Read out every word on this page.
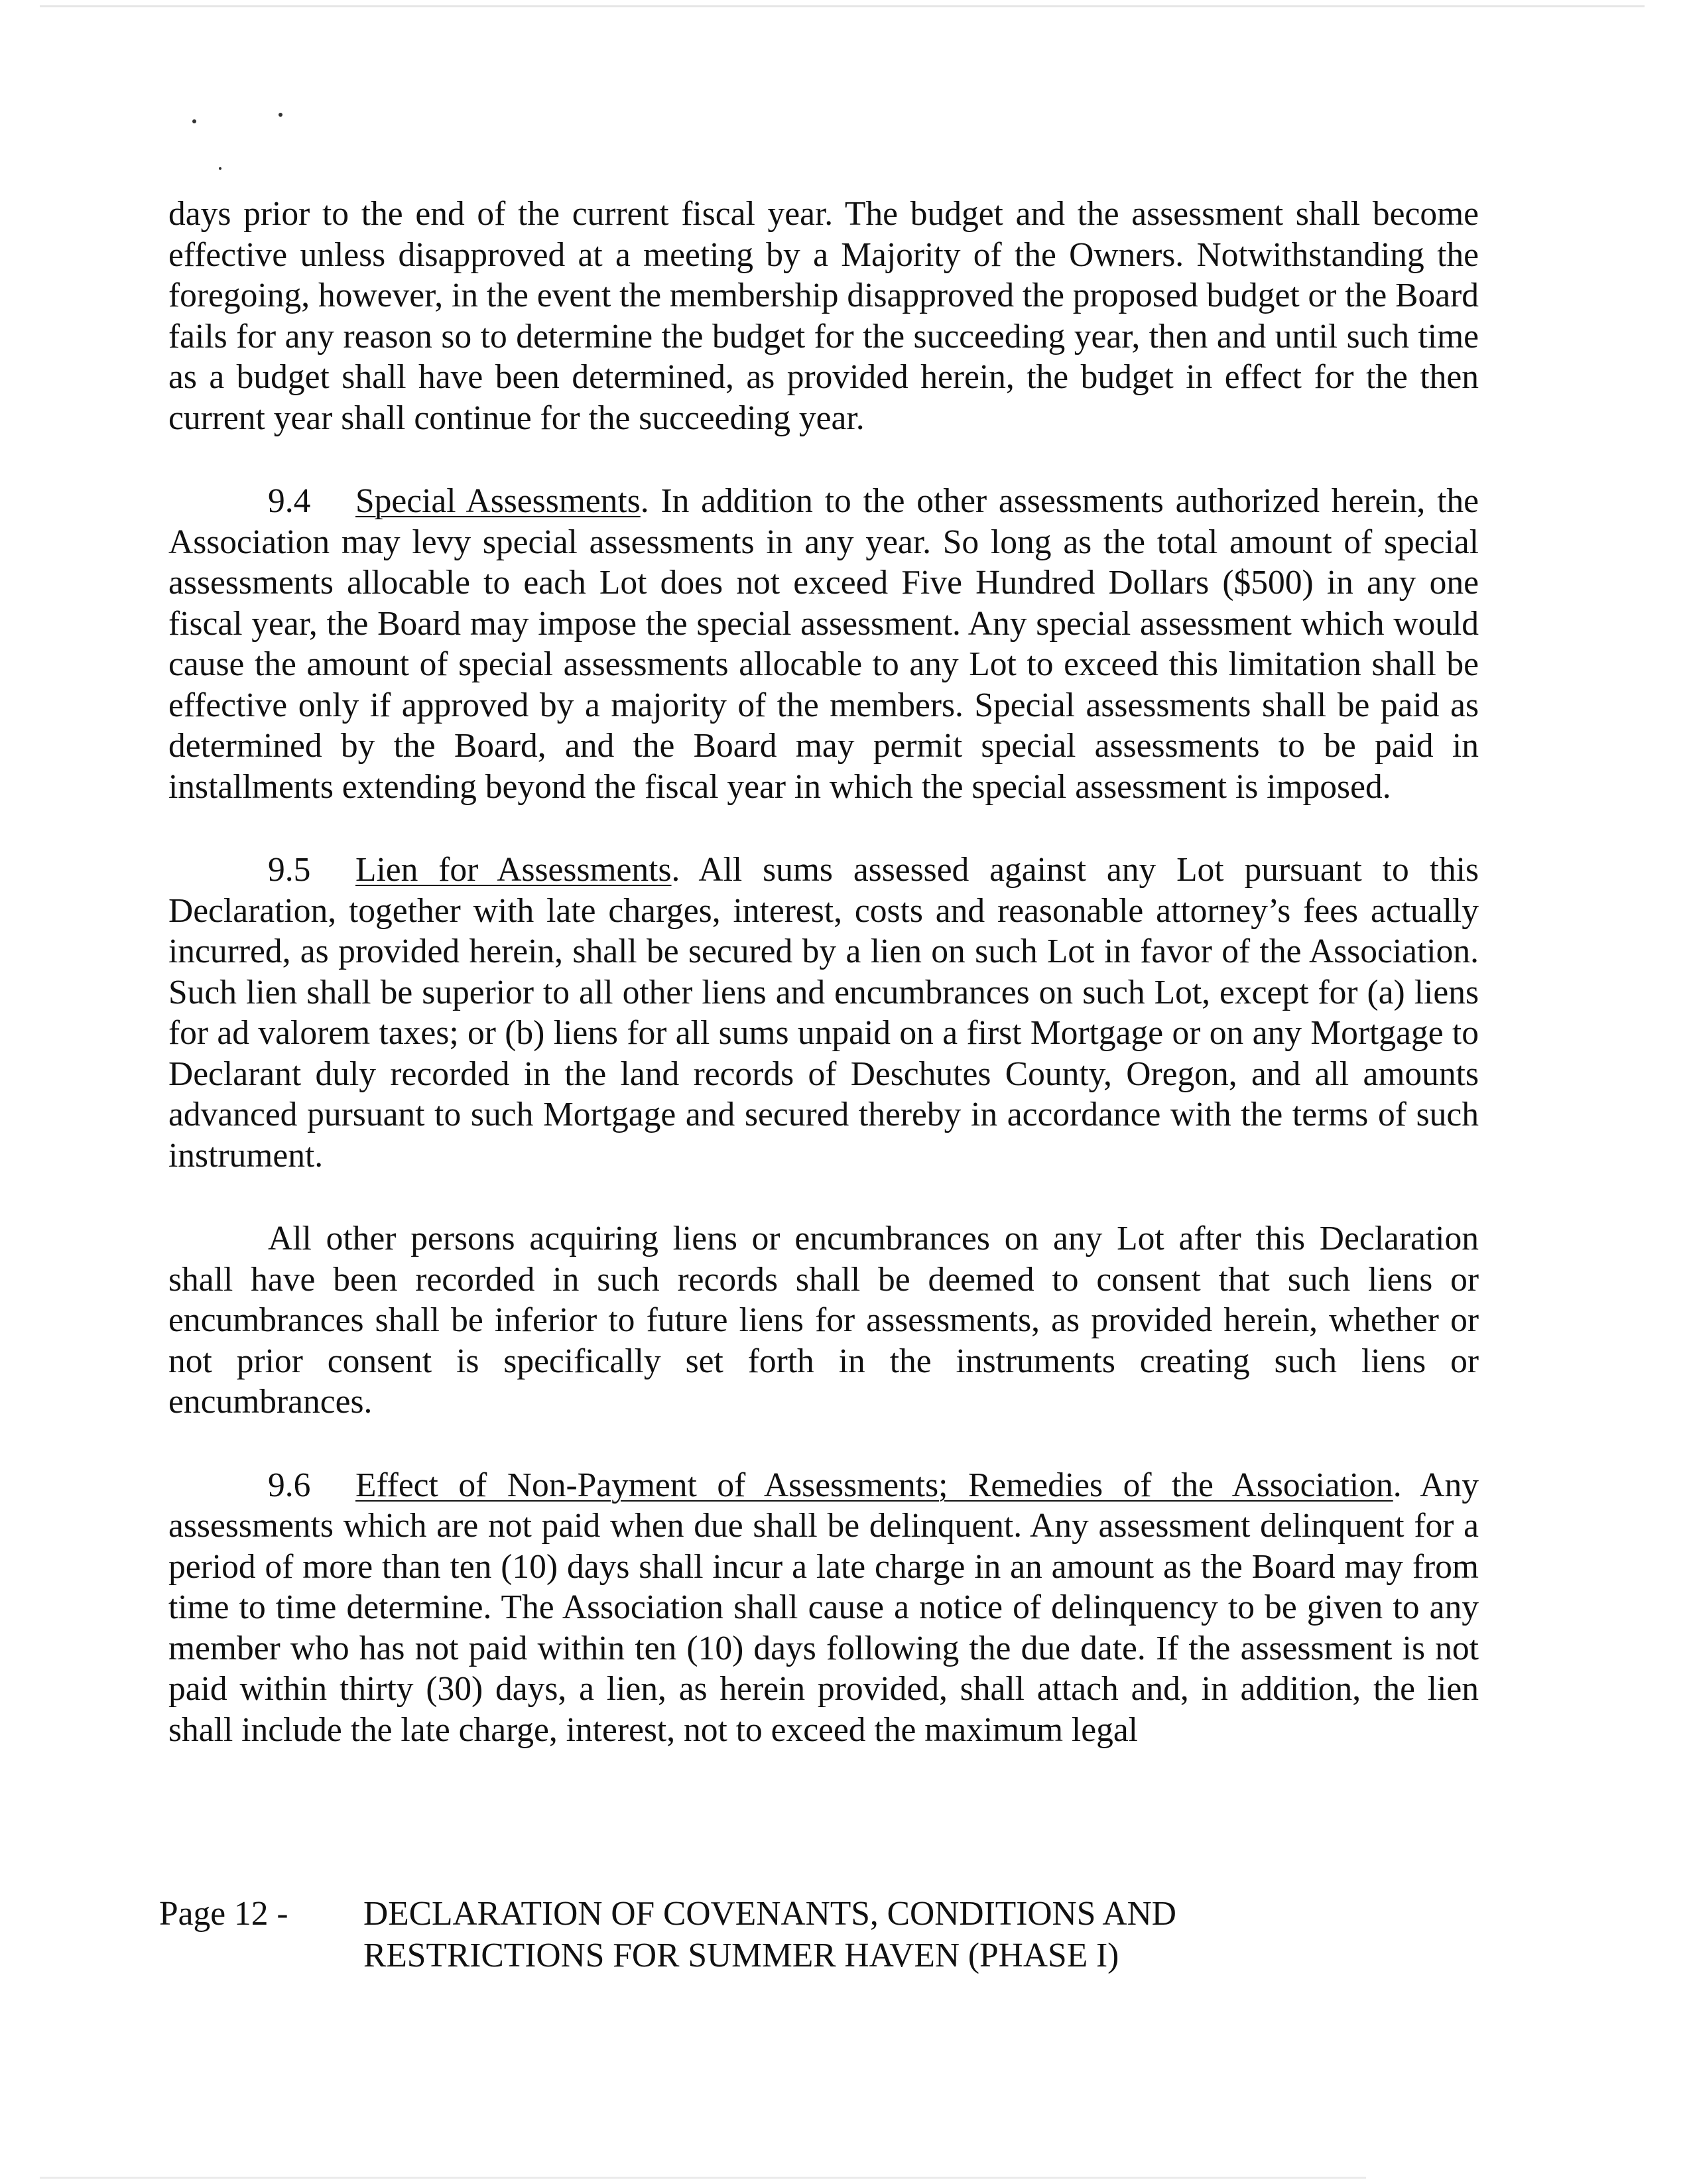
days prior to the end of the current fiscal year. The budget and the assessment shall become effective unless disapproved at a meeting by a Majority of the Owners. Notwithstanding the foregoing, however, in the event the membership disapproved the proposed budget or the Board fails for any reason so to determine the budget for the succeeding year, then and until such time as a budget shall have been determined, as provided herein, the budget in effect for the then current year shall continue for the succeeding year.

9.4 Special Assessments. In addition to the other assessments authorized herein, the Association may levy special assessments in any year. So long as the total amount of special assessments allocable to each Lot does not exceed Five Hundred Dollars ($500) in any one fiscal year, the Board may impose the special assessment. Any special assessment which would cause the amount of special assessments allocable to any Lot to exceed this limitation shall be effective only if approved by a majority of the members. Special assessments shall be paid as determined by the Board, and the Board may permit special assessments to be paid in installments extending beyond the fiscal year in which the special assessment is imposed.

9.5 Lien for Assessments. All sums assessed against any Lot pursuant to this Declaration, together with late charges, interest, costs and reasonable attorney’s fees actually incurred, as provided herein, shall be secured by a lien on such Lot in favor of the Association. Such lien shall be superior to all other liens and encumbrances on such Lot, except for (a) liens for ad valorem taxes; or (b) liens for all sums unpaid on a first Mortgage or on any Mortgage to Declarant duly recorded in the land records of Deschutes County, Oregon, and all amounts advanced pursuant to such Mortgage and secured thereby in accordance with the terms of such instrument.

All other persons acquiring liens or encumbrances on any Lot after this Declaration shall have been recorded in such records shall be deemed to consent that such liens or encumbrances shall be inferior to future liens for assessments, as provided herein, whether or not prior consent is specifically set forth in the instruments creating such liens or encumbrances.

9.6 Effect of Non-Payment of Assessments; Remedies of the Association. Any assessments which are not paid when due shall be delinquent. Any assessment delinquent for a period of more than ten (10) days shall incur a late charge in an amount as the Board may from time to time determine. The Association shall cause a notice of delinquency to be given to any member who has not paid within ten (10) days following the due date. If the assessment is not paid within thirty (30) days, a lien, as herein provided, shall attach and, in addition, the lien shall include the late charge, interest, not to exceed the maximum legal

Page 12 - DECLARATION OF COVENANTS, CONDITIONS AND
RESTRICTIONS FOR SUMMER HAVEN (PHASE I)
